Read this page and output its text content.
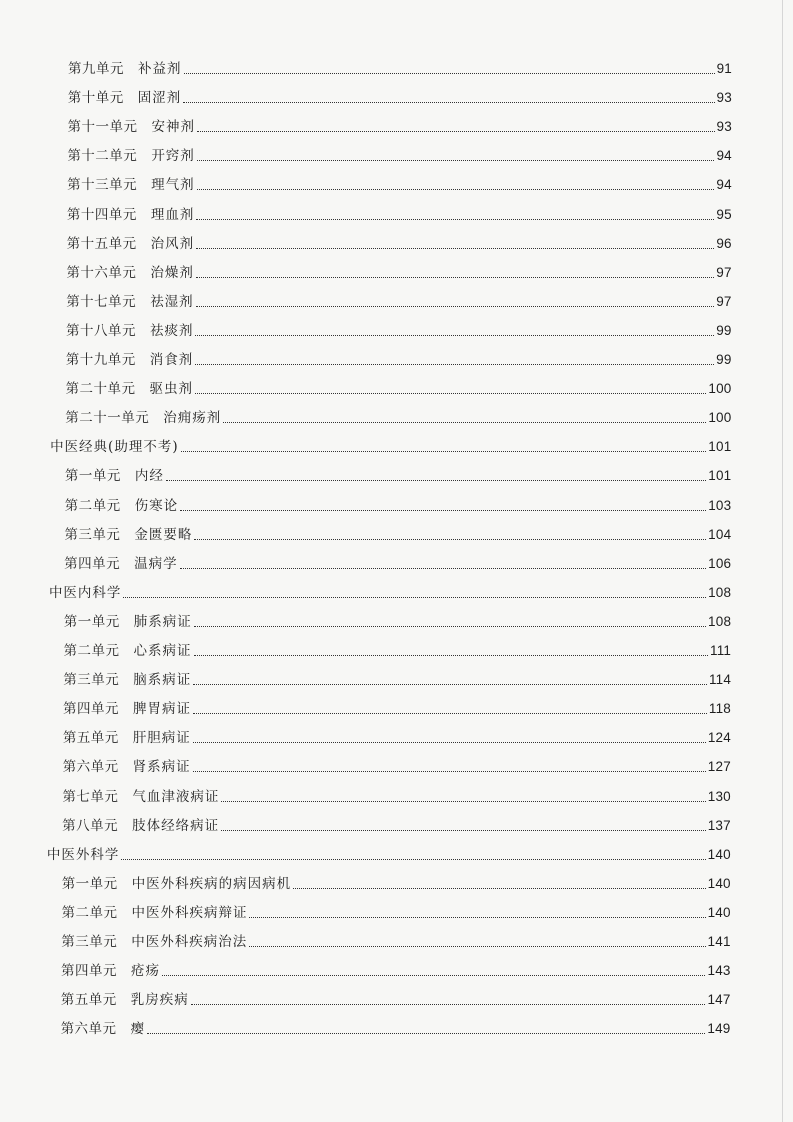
第九单元 补益剂	91
第十单元 固涩剂	93
第十一单元 安神剂	93
第十二单元 开窍剂	94
第十三单元 理气剂	94
第十四单元 理血剂	95
第十五单元 治风剂	96
第十六单元 治燥剂	97
第十七单元 祛湿剂	97
第十八单元 祛痰剂	99
第十九单元 消食剂	99
第二十单元 驱虫剂	100
第二十一单元 治痈疡剂	100
中医经典(助理不考)	101
第一单元 内经	101
第二单元 伤寒论	103
第三单元 金匮要略	104
第四单元 温病学	106
中医内科学	108
第一单元 肺系病证	108
第二单元 心系病证	111
第三单元 脑系病证	114
第四单元 脾胃病证	118
第五单元 肝胆病证	124
第六单元 肾系病证	127
第七单元 气血津液病证	130
第八单元 肢体经络病证	137
中医外科学	140
第一单元 中医外科疾病的病因病机	140
第二单元 中医外科疾病辩证	140
第三单元 中医外科疾病治法	141
第四单元 疮疡	143
第五单元 乳房疾病	147
第六单元 瘿	149
